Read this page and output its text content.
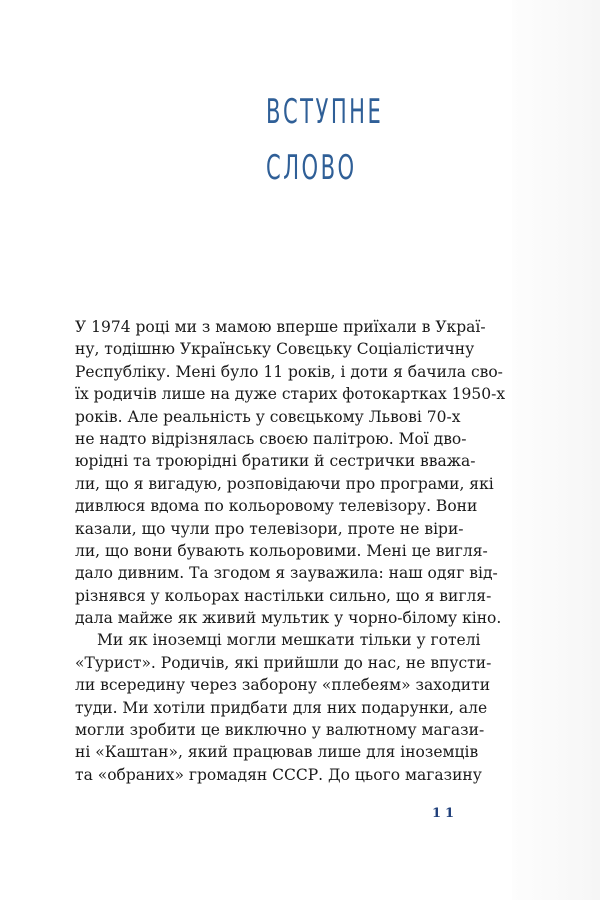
ВСТУПНЕ
СЛОВО
У 1974 році ми з мамою вперше приїхали в Украї-
ну, тодішню Українську Совєцьку Соціалістичну
Республіку. Мені було 11 років, і доти я бачила сво-
їх родичів лише на дуже старих фотокартках 1950-х
років. Але реальність у совєцькому Львові 70-х
не надто відрізнялась своєю палітрою. Мої дво-
юрідні та троюрідні братики й сестрички вважа-
ли, що я вигадую, розповідаючи про програми, які
дивлюся вдома по кольоровому телевізору. Вони
казали, що чули про телевізори, проте не віри-
ли, що вони бувають кольоровими. Мені це вигля-
дало дивним. Та згодом я зауважила: наш одяг від-
різнявся у кольорах настільки сильно, що я вигля-
дала майже як живий мультик у чорно-білому кіно.
Ми як іноземці могли мешкати тільки у готелі
«Турист». Родичів, які прийшли до нас, не впусти-
ли всередину через заборону «плебеям» заходити
туди. Ми хотіли придбати для них подарунки, але
могли зробити це виключно у валютному магази-
ні «Каштан», який працював лише для іноземців
та «обраних» громадян СССР. До цього магазину
11
